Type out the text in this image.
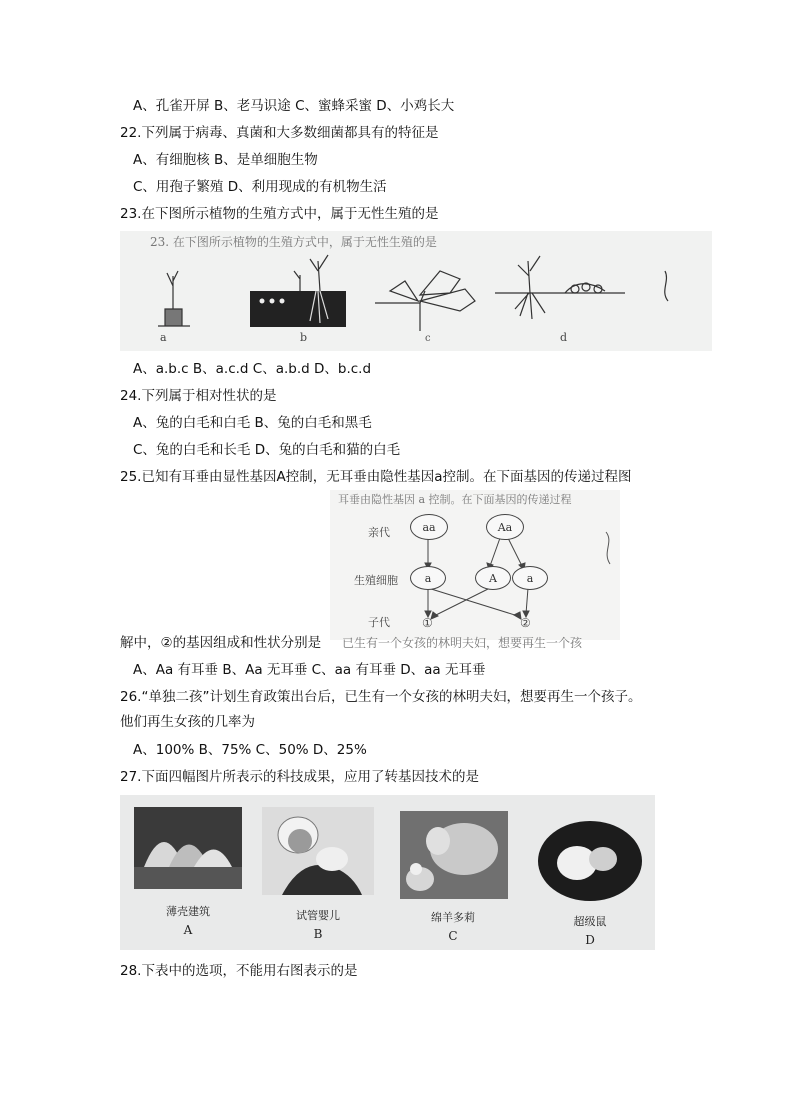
A、孔雀开屏 B、老马识途 C、蜜蜂采蜜 D、小鸡长大
22.下列属于病毒、真菌和大多数细菌都具有的特征是
A、有细胞核 B、是单细胞生物
C、用孢子繁殖 D、利用现成的有机物生活
23.在下图所示植物的生殖方式中，属于无性生殖的是
23. 在下图所示植物的生殖方式中，属于无性生殖的是
c
a	b	d
A、a.b.c B、a.c.d C、a.b.d D、b.c.d
24.下列属于相对性状的是
A、兔的白毛和白毛 B、兔的白毛和黑毛
C、兔的白毛和长毛 D、兔的白毛和猫的白毛
25.已知有耳垂由显性基因A控制，无耳垂由隐性基因a控制。在下面基因的传递过程图
耳垂由隐性基因 a 控制。在下面基因的传递过程
亲代
生殖细胞
子代
aa	Aa
a	A	a
①	②
解中，②的基因组成和性状分别是 已生有一个女孩的林明夫妇，想要再生一个孩
A、Aa 有耳垂 B、Aa 无耳垂 C、aa 有耳垂 D、aa 无耳垂
26.“单独二孩”计划生育政策出台后，已生有一个女孩的林明夫妇，想要再生一个孩子。
他们再生女孩的几率为
A、100% B、75% C、50% D、25%
27.下面四幅图片所表示的科技成果，应用了转基因技术的是
薄壳建筑
A
试管婴儿
B
绵羊多莉
C
超级鼠
D
28.下表中的选项，不能用右图表示的是
